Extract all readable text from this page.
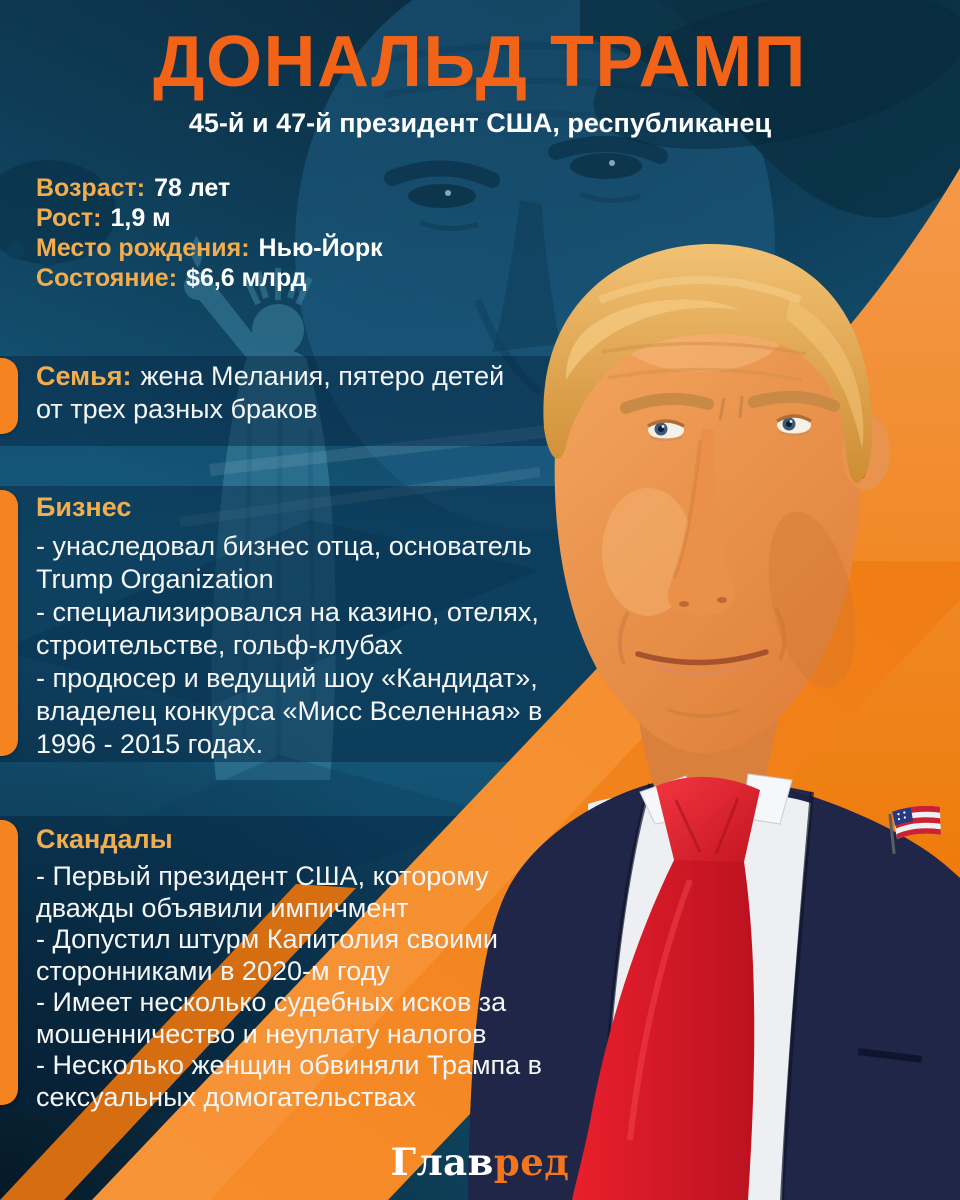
ДОНАЛЬД ТРАМП
45-й и 47-й президент США, республиканец
Возраст: 78 лет
Рост: 1,9 м
Место рождения: Нью-Йорк
Состояние: $6,6 млрд
Семья: жена Мелания, пятеро детей
от трех разных браков
Бизнес
- унаследовал бизнес отца, основатель
Trump Organization
- специализировался на казино, отелях,
строительстве, гольф-клубах
- продюсер и ведущий шоу «Кандидат»,
владелец конкурса «Мисс Вселенная» в
1996 - 2015 годах.
Скандалы
- Первый президент США, которому
дважды объявили импичмент
- Допустил штурм Капитолия своими
сторонниками в 2020-м году
- Имеет несколько судебных исков за
мошенничество и неуплату налогов
- Несколько женщин обвиняли Трампа в
сексуальных домогательствах
Главред
